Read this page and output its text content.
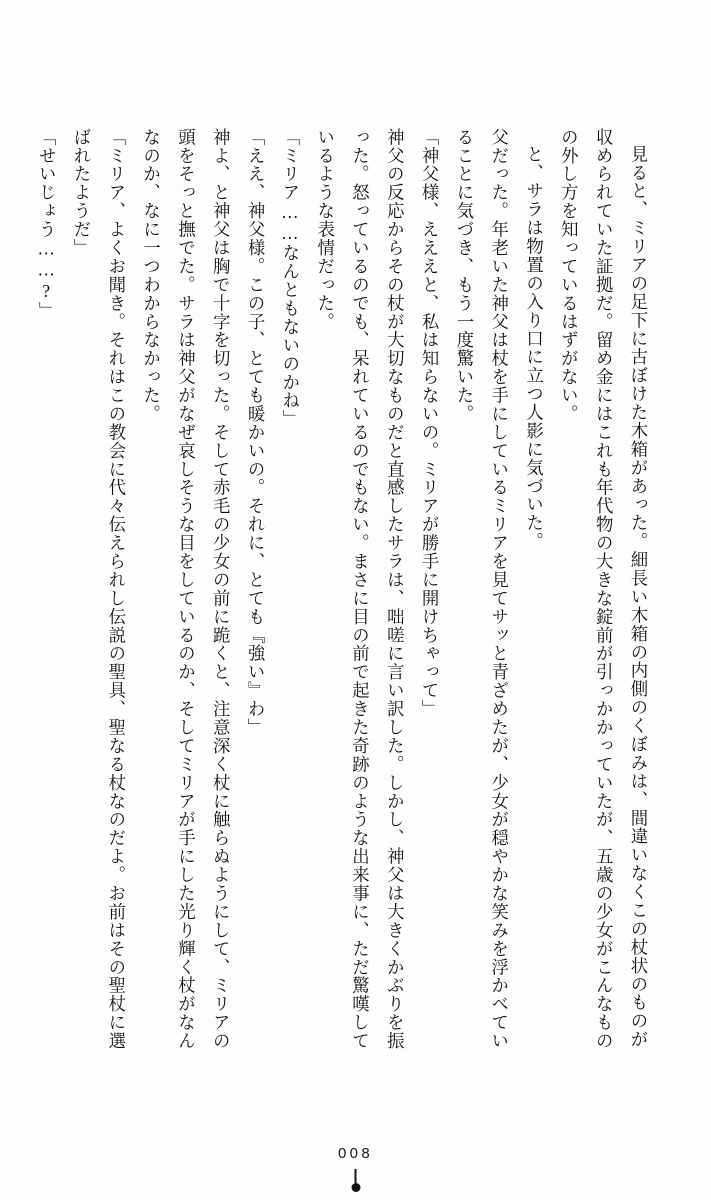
見ると、ミリアの足下に古ぼけた木箱があった。細長い木箱の内側のくぼみは、間違いなくこの杖状のものが収められていた証拠だ。留め金にはこれも年代物の大きな錠前が引っかかっていたが、五歳の少女がこんなものの外し方を知っているはずがない。

と、サラは物置の入り口に立つ人影に気づいた。

父だった。年老いた神父は杖を手にしているミリアを見てサッと青ざめたが、少女が穏やかな笑みを浮かべていることに気づき、もう一度驚いた。

「神父様、えええと、私は知らないの。ミリアが勝手に開けちゃって」

神父の反応からその杖が大切なものだと直感したサラは、咄嗟に言い訳した。しかし、神父は大きくかぶりを振った。怒っているのでも、呆れているのでもない。まさに目の前で起きた奇跡のような出来事に、ただ驚嘆しているような表情だった。

「ミリア……なんともないのかね」

「ええ、神父様。この子、とても暖かいの。それに、とても『強い』わ」

神よ、と神父は胸で十字を切った。そして赤毛の少女の前に跪くと、注意深く杖に触らぬようにして、ミリアの頭をそっと撫でた。サラは神父がなぜ哀しそうな目をしているのか、そしてミリアが手にした光り輝く杖がなんなのか、なに一つわからなかった。

「ミリア、よくお聞き。それはこの教会に代々伝えられし伝説の聖具、聖なる杖なのだよ。お前はその聖杖に選ばれたようだ」

「せいじょう……?」

008
